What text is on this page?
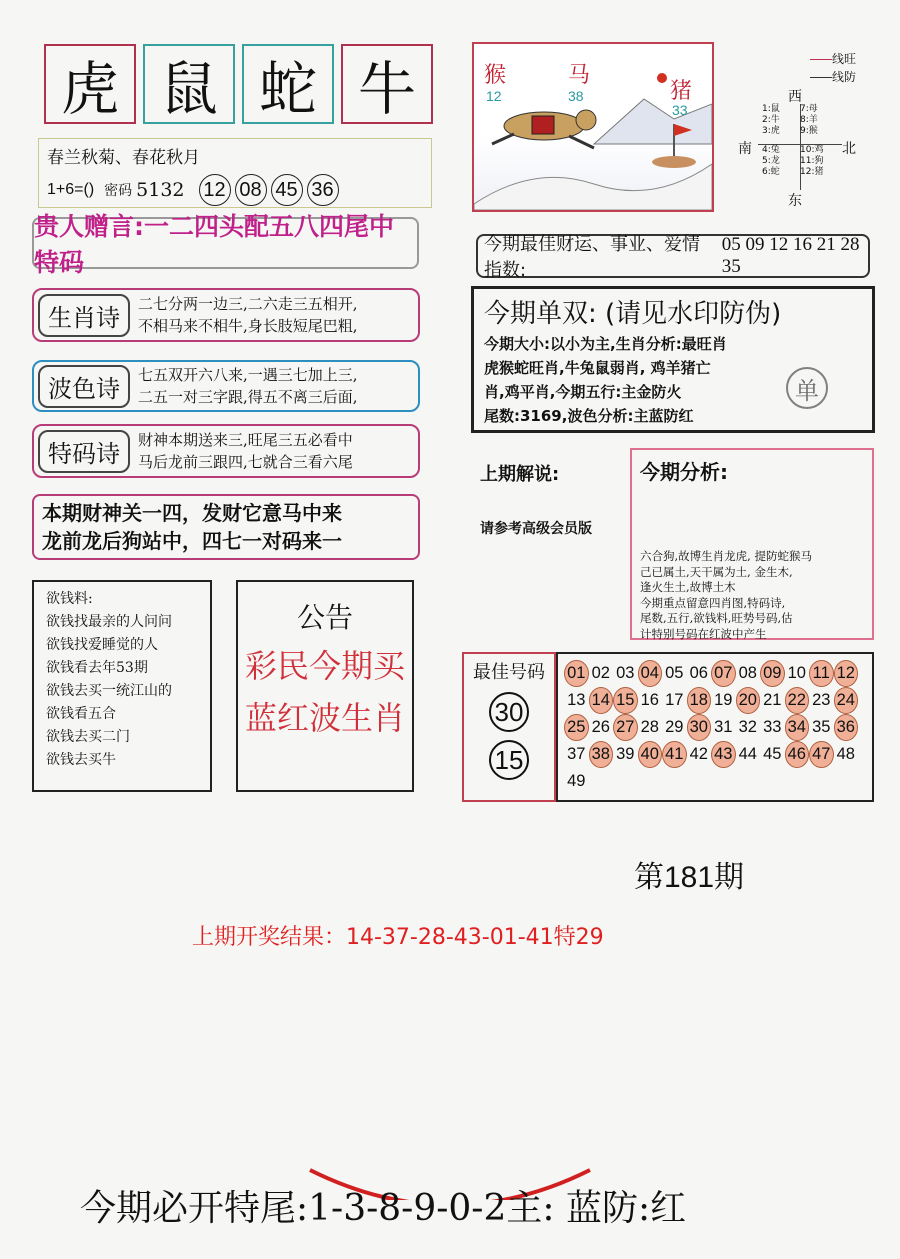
虎 鼠 蛇 牛
春兰秋菊、春花秋月
1+6=() 密码 5132 12 08 45 36
贵人赠言:一二四头配五八四尾中特码
生肖诗	二七分两一边三,二六走三五相开,
不相马来不相牛,身长肢短尾巴粗,
波色诗	七五双开六八来,一遇三七加上三,
二五一对三字跟,得五不离三后面,
特码诗	财神本期送来三,旺尾三五必看中
马后龙前三跟四,七就合三看六尾
本期财神关一四，发财它意马中来
龙前龙后狗站中，四七一对码来一
欲钱料:
欲钱找最亲的人问问
欲钱找爱睡觉的人
欲钱看去年53期
欲钱去买一统江山的
欲钱看五合
欲钱去买二门
欲钱去买牛
公告
彩民今期买
蓝红波生肖
猴
12
马
38	猪
33
线旺
线防
西
南	北
东
1:鼠	7:母
2:牛	8:羊
3:虎	9:猴
4:兔	10:鸡
5:龙	11:狗
6:蛇	12:猪
今期最佳财运、事业、爱情指数:
05 09 12 16 21 28 35
今期单双: (请见水印防伪)
今期大小:以小为主,生肖分析:最旺肖
虎猴蛇旺肖,牛兔鼠弱肖, 鸡羊猪亡
肖,鸡平肖,今期五行:主金防火
尾数:3169,波色分析:主蓝防红
单
上期解说:
请参考高级会员版
今期分析:
六合狗,故博生肖龙虎, 提防蛇猴马
己已属土,天干属为土, 金生木,
逢火生土,故博土木
今期重点留意四肖图,特码诗,
尾数,五行,欲钱料,旺势号码,估
计特别号码在红波中产生
最佳号码
30
15
01 02 03 04 05 06 07 08 09 10 11 12
13 14 15 16 17 18 19 20 21 22 23 24
25 26 27 28 29 30 31 32 33 34 35 36
37 38 39 40 41 42 43 44 45 46 47 48
49
第181期
上期开奖结果：14-37-28-43-01-41特29
今期必开特尾:1-3-8-9-0-2主: 蓝防:红
